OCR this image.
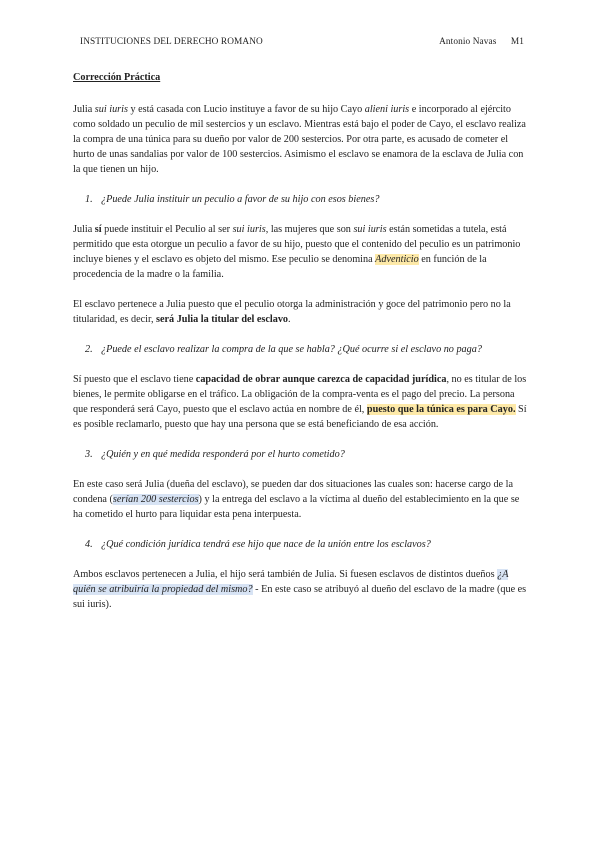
INSTITUCIONES DEL DERECHO ROMANO	Antonio Navas M1

Corrección Práctica

Julia sui iuris y está casada con Lucio instituye a favor de su hijo Cayo alieni iuris e incorporado al ejército como soldado un peculio de mil sestercios y un esclavo. Mientras está bajo el poder de Cayo, el esclavo realiza la compra de una túnica para su dueño por valor de 200 sestercios. Por otra parte, es acusado de cometer el hurto de unas sandalias por valor de 100 sestercios. Asimismo el esclavo se enamora de la esclava de Julia con la que tienen un hijo.

1. ¿Puede Julia instituir un peculio a favor de su hijo con esos bienes?

Julia sí puede instituir el Peculio al ser sui iuris, las mujeres que son sui iuris están sometidas a tutela, está permitido que esta otorgue un peculio a favor de su hijo, puesto que el contenido del peculio es un patrimonio incluye bienes y el esclavo es objeto del mismo. Ese peculio se denomina Adventicio en función de la procedencia de la madre o la familia.

El esclavo pertenece a Julia puesto que el peculio otorga la administración y goce del patrimonio pero no la titularidad, es decir, será Julia la titular del esclavo.

2. ¿Puede el esclavo realizar la compra de la que se habla? ¿Qué ocurre si el esclavo no paga?

Sí puesto que el esclavo tiene capacidad de obrar aunque carezca de capacidad jurídica, no es titular de los bienes, le permite obligarse en el tráfico. La obligación de la compra-venta es el pago del precio. La persona que responderá será Cayo, puesto que el esclavo actúa en nombre de él, puesto que la túnica es para Cayo. Sí es posible reclamarlo, puesto que hay una persona que se está beneficiando de esa acción.

3. ¿Quién y en qué medida responderá por el hurto cometido?

En este caso será Julia (dueña del esclavo), se pueden dar dos situaciones las cuales son: hacerse cargo de la condena (serían 200 sestercios) y la entrega del esclavo a la víctima al dueño del establecimiento en la que se ha cometido el hurto para liquidar esta pena interpuesta.

4. ¿Qué condición jurídica tendrá ese hijo que nace de la unión entre los esclavos?

Ambos esclavos pertenecen a Julia, el hijo será también de Julia. Si fuesen esclavos de distintos dueños ¿A quién se atribuiría la propiedad del mismo? - En este caso se atribuyó al dueño del esclavo de la madre (que es sui iuris).
